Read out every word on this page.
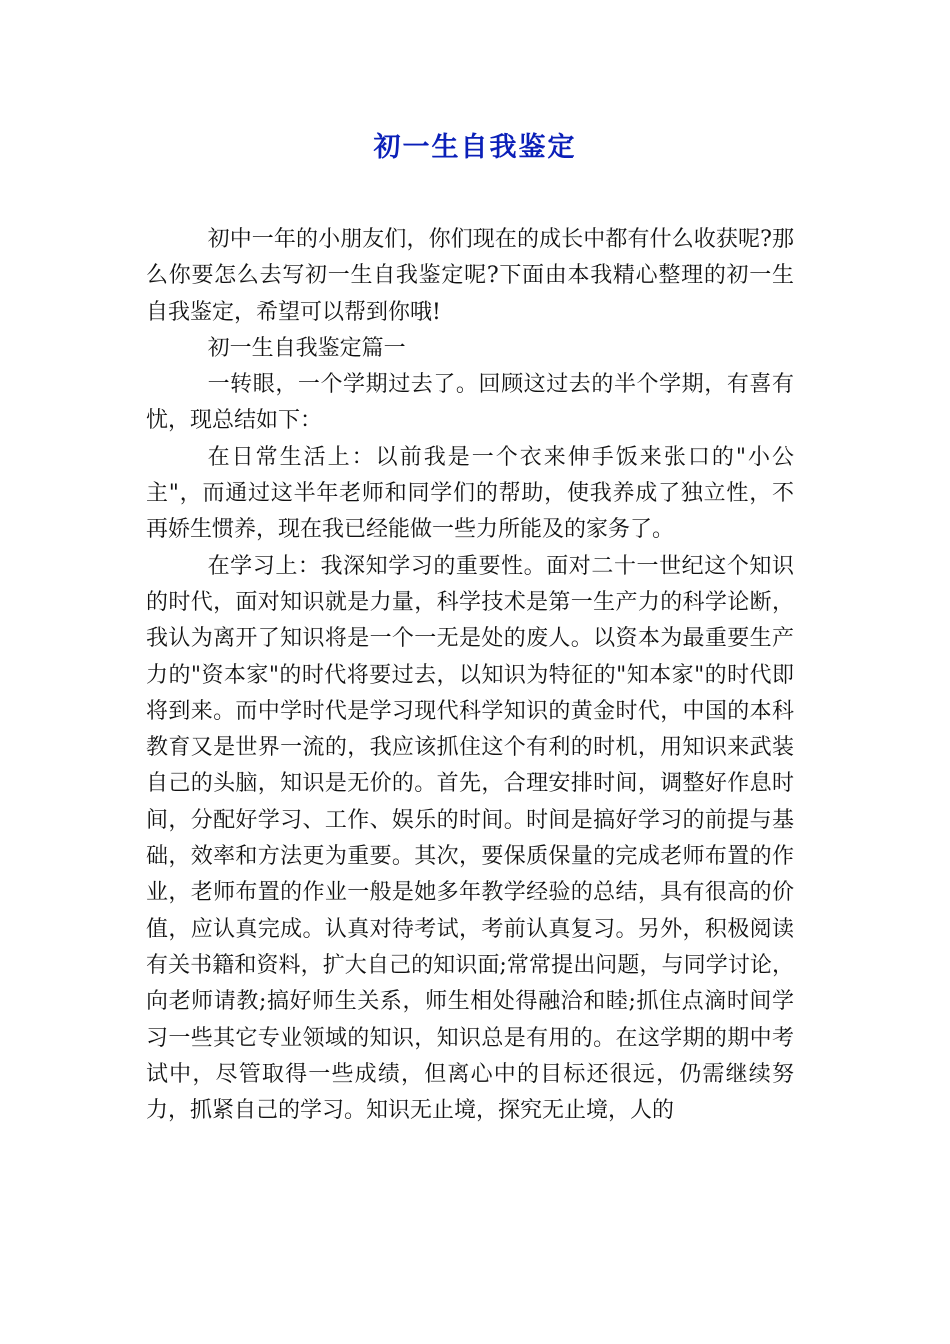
初一生自我鉴定

初中一年的小朋友们，你们现在的成长中都有什么收获呢?那么你要怎么去写初一生自我鉴定呢?下面由本我精心整理的初一生自我鉴定，希望可以帮到你哦!

初一生自我鉴定篇一

一转眼，一个学期过去了。回顾这过去的半个学期，有喜有忧，现总结如下：

在日常生活上：以前我是一个衣来伸手饭来张口的"小公主"，而通过这半年老师和同学们的帮助，使我养成了独立性，不再娇生惯养，现在我已经能做一些力所能及的家务了。

在学习上：我深知学习的重要性。面对二十一世纪这个知识的时代，面对知识就是力量，科学技术是第一生产力的科学论断，我认为离开了知识将是一个一无是处的废人。以资本为最重要生产力的"资本家"的时代将要过去，以知识为特征的"知本家"的时代即将到来。而中学时代是学习现代科学知识的黄金时代，中国的本科教育又是世界一流的，我应该抓住这个有利的时机，用知识来武装自己的头脑，知识是无价的。首先，合理安排时间，调整好作息时间，分配好学习、工作、娱乐的时间。时间是搞好学习的前提与基础，效率和方法更为重要。其次，要保质保量的完成老师布置的作业，老师布置的作业一般是她多年教学经验的总结，具有很高的价值，应认真完成。认真对待考试，考前认真复习。另外，积极阅读有关书籍和资料，扩大自己的知识面;常常提出问题，与同学讨论，向老师请教;搞好师生关系，师生相处得融洽和睦;抓住点滴时间学习一些其它专业领域的知识，知识总是有用的。在这学期的期中考试中，尽管取得一些成绩，但离心中的目标还很远，仍需继续努力，抓紧自己的学习。知识无止境，探究无止境，人的
